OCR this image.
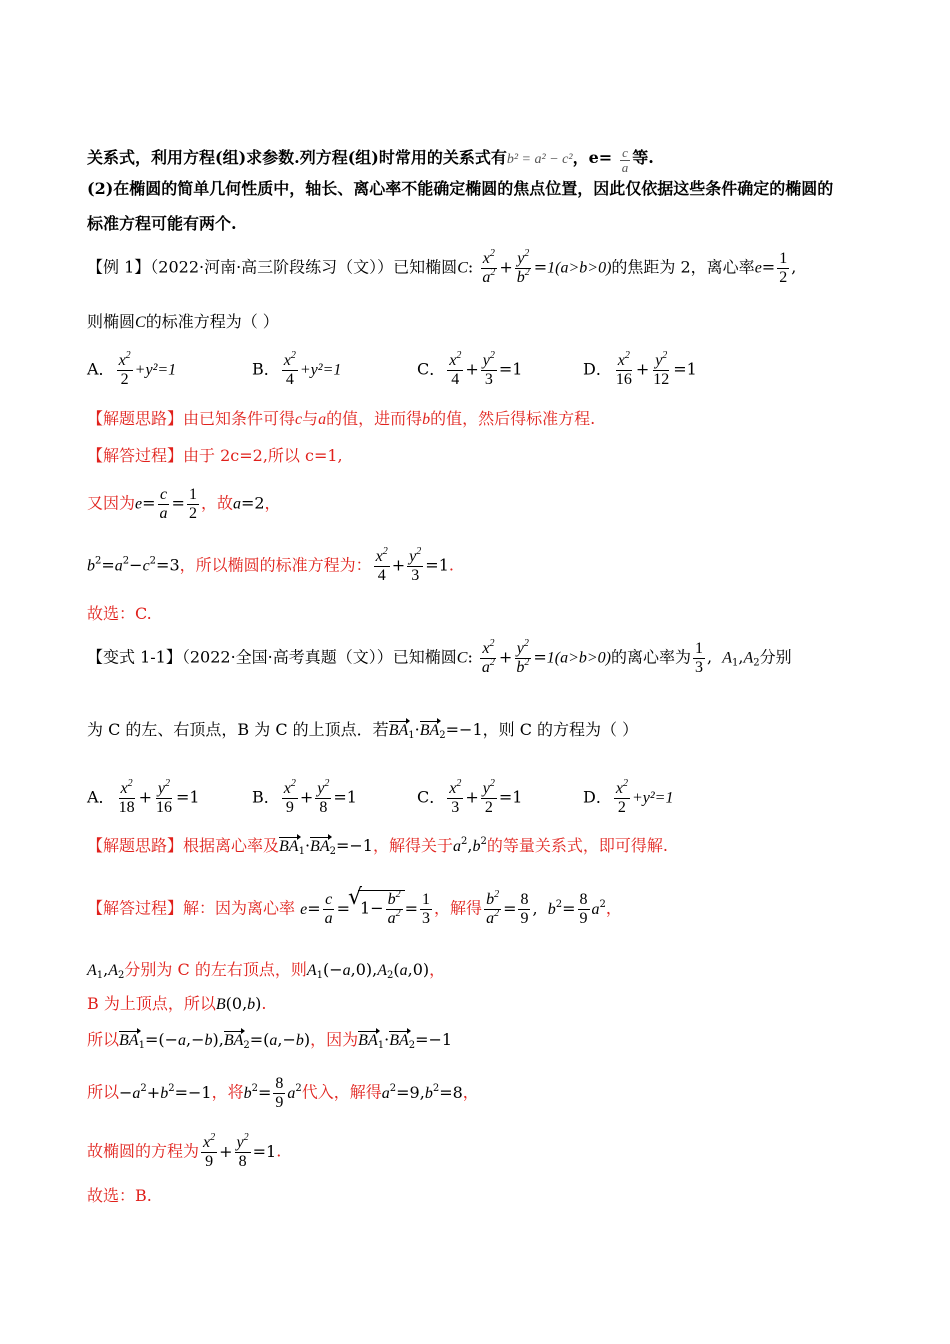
关系式，利用方程(组)求参数.列方程(组)时常用的关系式有b² = a² − c²，$e= \frac{c}{a}$ 等.
(2)在椭圆的简单几何性质中，轴长、离心率不能确定椭圆的焦点位置，因此仅依据这些条件确定的椭圆的
标准方程可能有两个.
【例 1】（2022·河南·高三阶段练习（文））已知椭圆C: $\frac{x^2}{a^2} + \frac{y^2}{b^2} =1(a>b>0)$的焦距为 2，离心率$e= \frac{1}{2}$ ,
则椭圆C的标准方程为（ ）
A． $\frac{x^2}{2} +y^2=1$	B． $\frac{x^2}{4} +y^2=1$	C． $\frac{x^2}{4} + \frac{y^2}{3} =1$	D． $\frac{x^2}{16} + \frac{y^2}{12} =1$
【解题思路】由已知条件可得c与a的值，进而得b的值，然后得标准方程.
【解答过程】由于 2c=2,所以 c=1,
又因为$e= \frac{c}{a} = \frac{1}{2}$ ，故a=2，
$b^2=a^2-c^2=3$，所以椭圆的标准方程为： $\frac{x^2}{4} + \frac{y^2}{3} =1$.
故选：C.
【变式 1-1】（2022·全国·高考真题（文））已知椭圆C: $\frac{x^2}{a^2} + \frac{y^2}{b^2} =1(a>b>0)$的离心率为 $\frac{1}{3}$ ,  $A_1,A_2$分别
为 C 的左、右顶点，B 为 C 的上顶点．若$BA_1\cdot BA_2=-1$，则 C 的方程为（ ）
A． $\frac{x^2}{18} + \frac{y^2}{16} =1$	B． $\frac{x^2}{9} + \frac{y^2}{8} =1$	C． $\frac{x^2}{3} + \frac{y^2}{2} =1$	D． $\frac{x^2}{2} +y^2=1$
【解题思路】根据离心率及$BA_1\cdot BA_2=-1$，解得关于$a^2,b^2$的等量关系式，即可得解.
【解答过程】解：因为离心率 $e= \frac{c}{a}$ =√ $1- \frac{b^2}{a^2} = \frac{1}{3}$ ，解得 $\frac{b^2}{a^2} = \frac{8}{9}$ ,  $b^2= \frac{8}{9} a^2$，
$A_1,A_2$分别为 C 的左右顶点，则$A_1(-a,0),A_2(a,0)$，
B 为上顶点，所以B(0,b).
所以$BA_1=(-a,-b),BA_2=(a,-b)$，因为$BA_1\cdot BA_2=-1$
所以$-a^2+b^2=-1$，将$b^2= \frac{8}{9} a^2$代入，解得$a^2=9,b^2=8$，
故椭圆的方程为 $\frac{x^2}{9} + \frac{y^2}{8} =1$.
故选：B.
